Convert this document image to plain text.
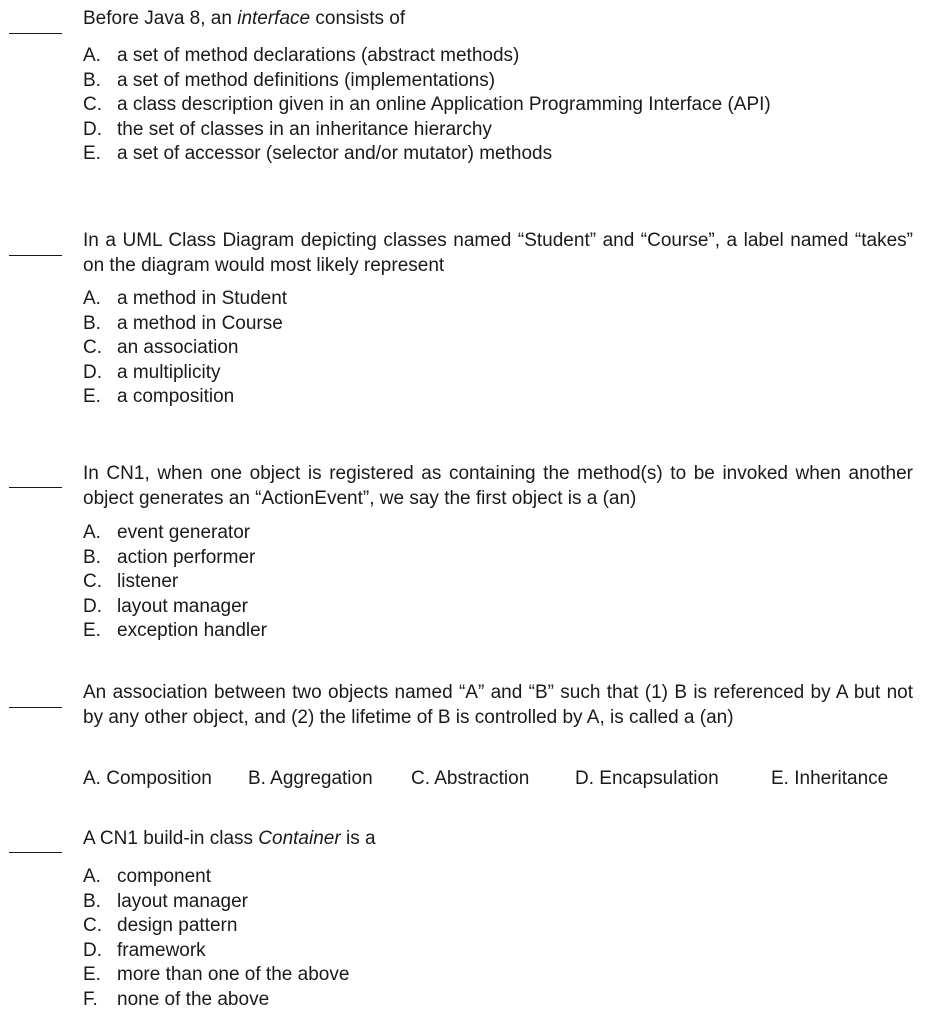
Before Java 8, an interface consists of
A. a set of method declarations (abstract methods)
B. a set of method definitions (implementations)
C. a class description given in an online Application Programming Interface (API)
D. the set of classes in an inheritance hierarchy
E. a set of accessor (selector and/or mutator) methods
In a UML Class Diagram depicting classes named “Student” and “Course”, a label named “takes” on the diagram would most likely represent
A. a method in Student
B. a method in Course
C. an association
D. a multiplicity
E. a composition
In CN1, when one object is registered as containing the method(s) to be invoked when another object generates an “ActionEvent”, we say the first object is a (an)
A. event generator
B. action performer
C. listener
D. layout manager
E. exception handler
An association between two objects named “A” and “B” such that (1) B is referenced by A but not by any other object, and (2) the lifetime of B is controlled by A, is called a (an)
A. Composition	B. Aggregation	C. Abstraction	D. Encapsulation	E. Inheritance
A CN1 build-in class Container is a
A. component
B. layout manager
C. design pattern
D. framework
E. more than one of the above
F.	none of the above
